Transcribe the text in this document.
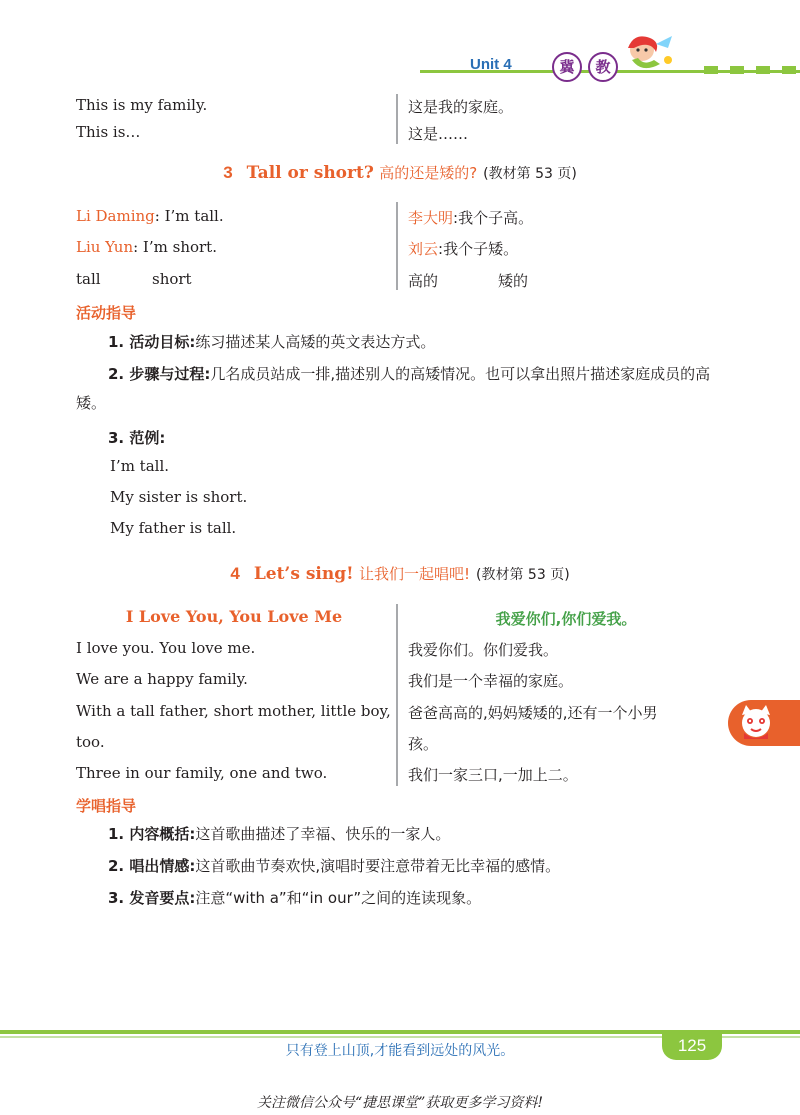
Unit 4	冀	教
This is my family.	这是我的家庭。
This is…	这是……
3 Tall or short? 高的还是矮的? (教材第 53 页)
Li Daming: I’m tall.	李大明:我个子高。
Liu Yun: I’m short.	刘云:我个子矮。
tall	short	高的	矮的
活动指导
1. 活动目标:练习描述某人高矮的英文表达方式。
2. 步骤与过程:几名成员站成一排,描述别人的高矮情况。也可以拿出照片描述家庭成员的高矮。
3. 范例:
I’m tall.
My sister is short.
My father is tall.
4 Let’s sing! 让我们一起唱吧! (教材第 53 页)
I Love You, You Love Me	我爱你们,你们爱我。
I love you. You love me.	我爱你们。你们爱我。
We are a happy family.	我们是一个幸福的家庭。
With a tall father, short mother, little boy, 爸爸高高的,妈妈矮矮的,还有一个小男
too.	孩。
Three in our family, one and two.	我们一家三口,一加上二。
学唱指导
1. 内容概括:这首歌曲描述了幸福、快乐的一家人。
2. 唱出情感:这首歌曲节奏欢快,演唱时要注意带着无比幸福的感情。
3. 发音要点:注意“with a”和“in our”之间的连读现象。
只有登上山顶,才能看到远处的风光。	125
关注微信公众号“捷思课堂”获取更多学习资料!
